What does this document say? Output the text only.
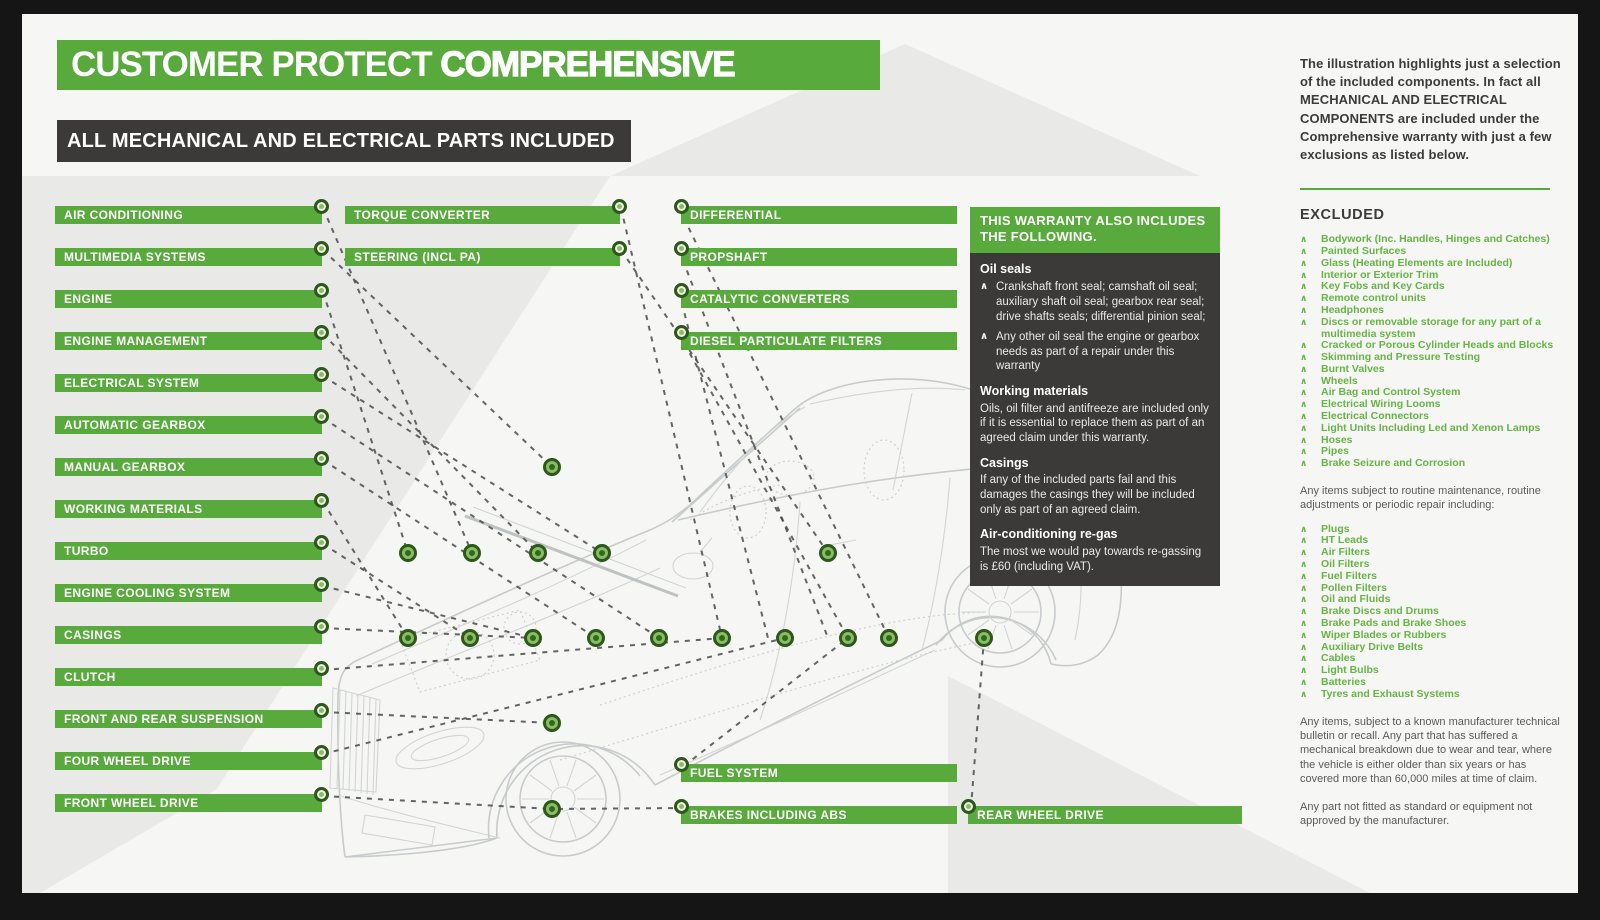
CUSTOMER PROTECT COMPREHENSIVE
ALL MECHANICAL AND ELECTRICAL PARTS INCLUDED
AIR CONDITIONING
MULTIMEDIA SYSTEMS
ENGINE
ENGINE MANAGEMENT
ELECTRICAL SYSTEM
AUTOMATIC GEARBOX
MANUAL GEARBOX
WORKING MATERIALS
TURBO
ENGINE COOLING SYSTEM
CASINGS
CLUTCH
FRONT AND REAR SUSPENSION
FOUR WHEEL DRIVE
FRONT WHEEL DRIVE
TORQUE CONVERTER
STEERING (INCL PA)
DIFFERENTIAL
PROPSHAFT
CATALYTIC CONVERTERS
DIESEL PARTICULATE FILTERS
FUEL SYSTEM
BRAKES INCLUDING ABS	REAR WHEEL DRIVE
THIS WARRANTY ALSO INCLUDES THE FOLLOWING.
Oil seals
∧ Crankshaft front seal; camshaft oil seal; auxiliary shaft oil seal; gearbox rear seal; drive shafts seals; differential pinion seal;
∧ Any other oil seal the engine or gearbox needs as part of a repair under this warranty
Working materials
Oils, oil filter and antifreeze are included only if it is essential to replace them as part of an agreed claim under this warranty.
Casings
If any of the included parts fail and this damages the casings they will be included only as part of an agreed claim.
Air-conditioning re-gas
The most we would pay towards re-gassing is £60 (including VAT).
The illustration highlights just a selection of the included components. In fact all MECHANICAL AND ELECTRICAL COMPONENTS are included under the Comprehensive warranty with just a few exclusions as listed below.
EXCLUDED
∧	Bodywork (Inc. Handles, Hinges and Catches)
∧	Painted Surfaces
∧	Glass (Heating Elements are Included)
∧	Interior or Exterior Trim
∧	Key Fobs and Key Cards
∧	Remote control units
∧	Headphones
∧	Discs or removable storage for any part of a multimedia system
∧	Cracked or Porous Cylinder Heads and Blocks
∧	Skimming and Pressure Testing
∧	Burnt Valves
∧	Wheels
∧	Air Bag and Control System
∧	Electrical Wiring Looms
∧	Electrical Connectors
∧	Light Units Including Led and Xenon Lamps
∧	Hoses
∧	Pipes
∧	Brake Seizure and Corrosion
Any items subject to routine maintenance, routine adjustments or periodic repair including:
∧	Plugs
∧	HT Leads
∧	Air Filters
∧	Oil Filters
∧	Fuel Filters
∧	Pollen Filters
∧	Oil and Fluids
∧	Brake Discs and Drums
∧	Brake Pads and Brake Shoes
∧	Wiper Blades or Rubbers
∧	Auxiliary Drive Belts
∧	Cables
∧	Light Bulbs
∧	Batteries
∧	Tyres and Exhaust Systems
Any items, subject to a known manufacturer technical bulletin or recall. Any part that has suffered a mechanical breakdown due to wear and tear, where the vehicle is either older than six years or has covered more than 60,000 miles at time of claim.
Any part not fitted as standard or equipment not approved by the manufacturer.
